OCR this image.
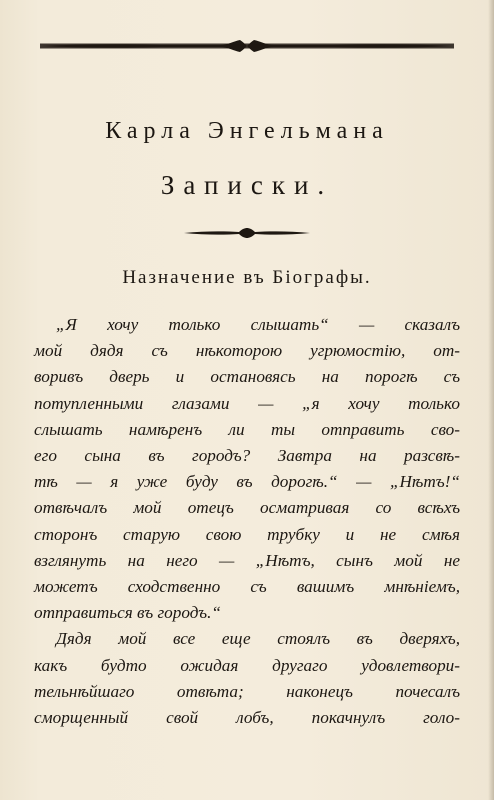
Карла Энгельмана
Записки.
Назначение въ Біографы.
„Я хочу только слышать“ — сказалъ
мой дядя съ нѣкоторою угрюмостію, от-
воривъ дверь и остановясь на порогѣ съ
потупленными глазами — „я хочу только
слышать намѣренъ ли ты отправить сво-
его сына въ городъ? Завтра на разсвѣ-
тѣ — я уже буду въ дорогѣ.“ — „Нѣтъ!“
отвѣчалъ мой отецъ осматривая со всѣхъ
сторонъ старую свою трубку и не смѣя
взглянуть на него — „Нѣтъ, сынъ мой не
можетъ сходственно съ вашимъ мнѣніемъ,
отправиться въ городъ.“
Дядя мой все еще стоялъ въ дверяхъ,
какъ будто ожидая другаго удовлетвори-
тельнѣйшаго отвѣта; наконецъ почесалъ
сморщенный свой лобъ, покачнулъ голо-
